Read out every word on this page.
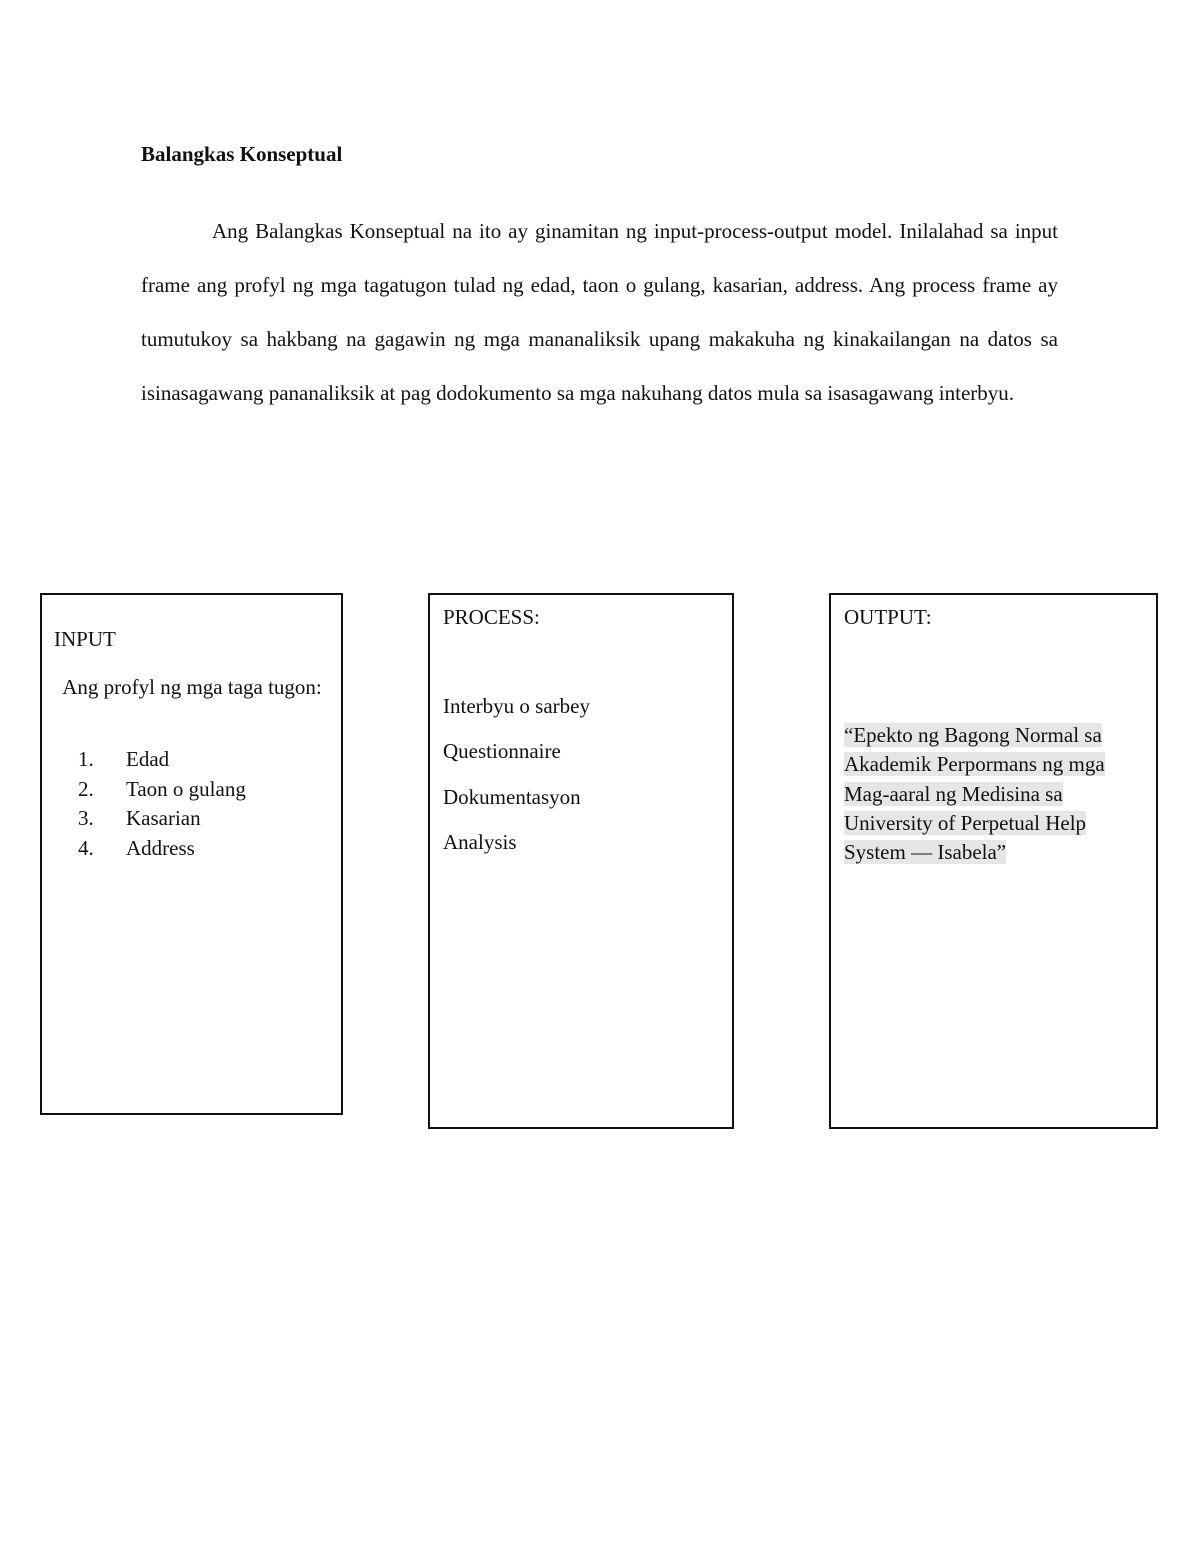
Balangkas Konseptual

Ang Balangkas Konseptual na ito ay ginamitan ng input-process-output model. Inilalahad sa input frame ang profyl ng mga tagatugon tulad ng edad, taon o gulang, kasarian, address. Ang process frame ay tumutukoy sa hakbang na gagawin ng mga mananaliksik upang makakuha ng kinakailangan na datos sa isinasagawang pananaliksik at pag dodokumento sa mga nakuhang datos mula sa isasagawang interbyu.

INPUT
Ang profyl ng mga taga tugon:
1. Edad
2. Taon o gulang
3. Kasarian
4. Address
PROCESS:
Interbyu o sarbey
Questionnaire
Dokumentasyon
Analysis
OUTPUT:
“Epekto ng Bagong Normal sa Akademik Perpormans ng mga Mag-aaral ng Medisina sa University of Perpetual Help System — Isabela”
